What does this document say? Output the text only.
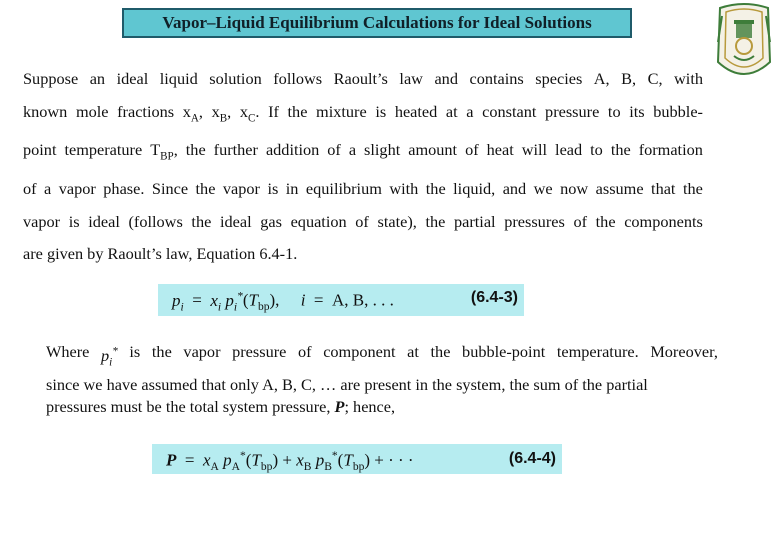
Vapor–Liquid Equilibrium Calculations for Ideal Solutions
Suppose an ideal liquid solution follows Raoult’s law and contains species A, B, C, with
known mole fractions $x_A$, $x_B$, $x_C$. If the mixture is heated at a constant pressure to its bubble-
point temperature $T_{BP}$, the further addition of a slight amount of heat will lead to the formation
of a vapor phase. Since the vapor is in equilibrium with the liquid, and we now assume that the
vapor is ideal (follows the ideal gas equation of state), the partial pressures of the components
are given by Raoult’s law, Equation 6.4-1.
$p_i = x_i$ $p_i^*(T_{bp})$,     i  =  A, B, . . .	(6.4-3)
Where $p_i^*$ is the vapor pressure of component at the bubble-point temperature. Moreover,
since we have assumed that only A, B, C, … are present in the system, the sum of the partial
pressures must be the total system pressure,
P ; hence,
$P = x_A$ $p_A^*(T_{bp}) + x_B$ $p_B^*(T_{bp})$ + · · ·	(6.4-4)
